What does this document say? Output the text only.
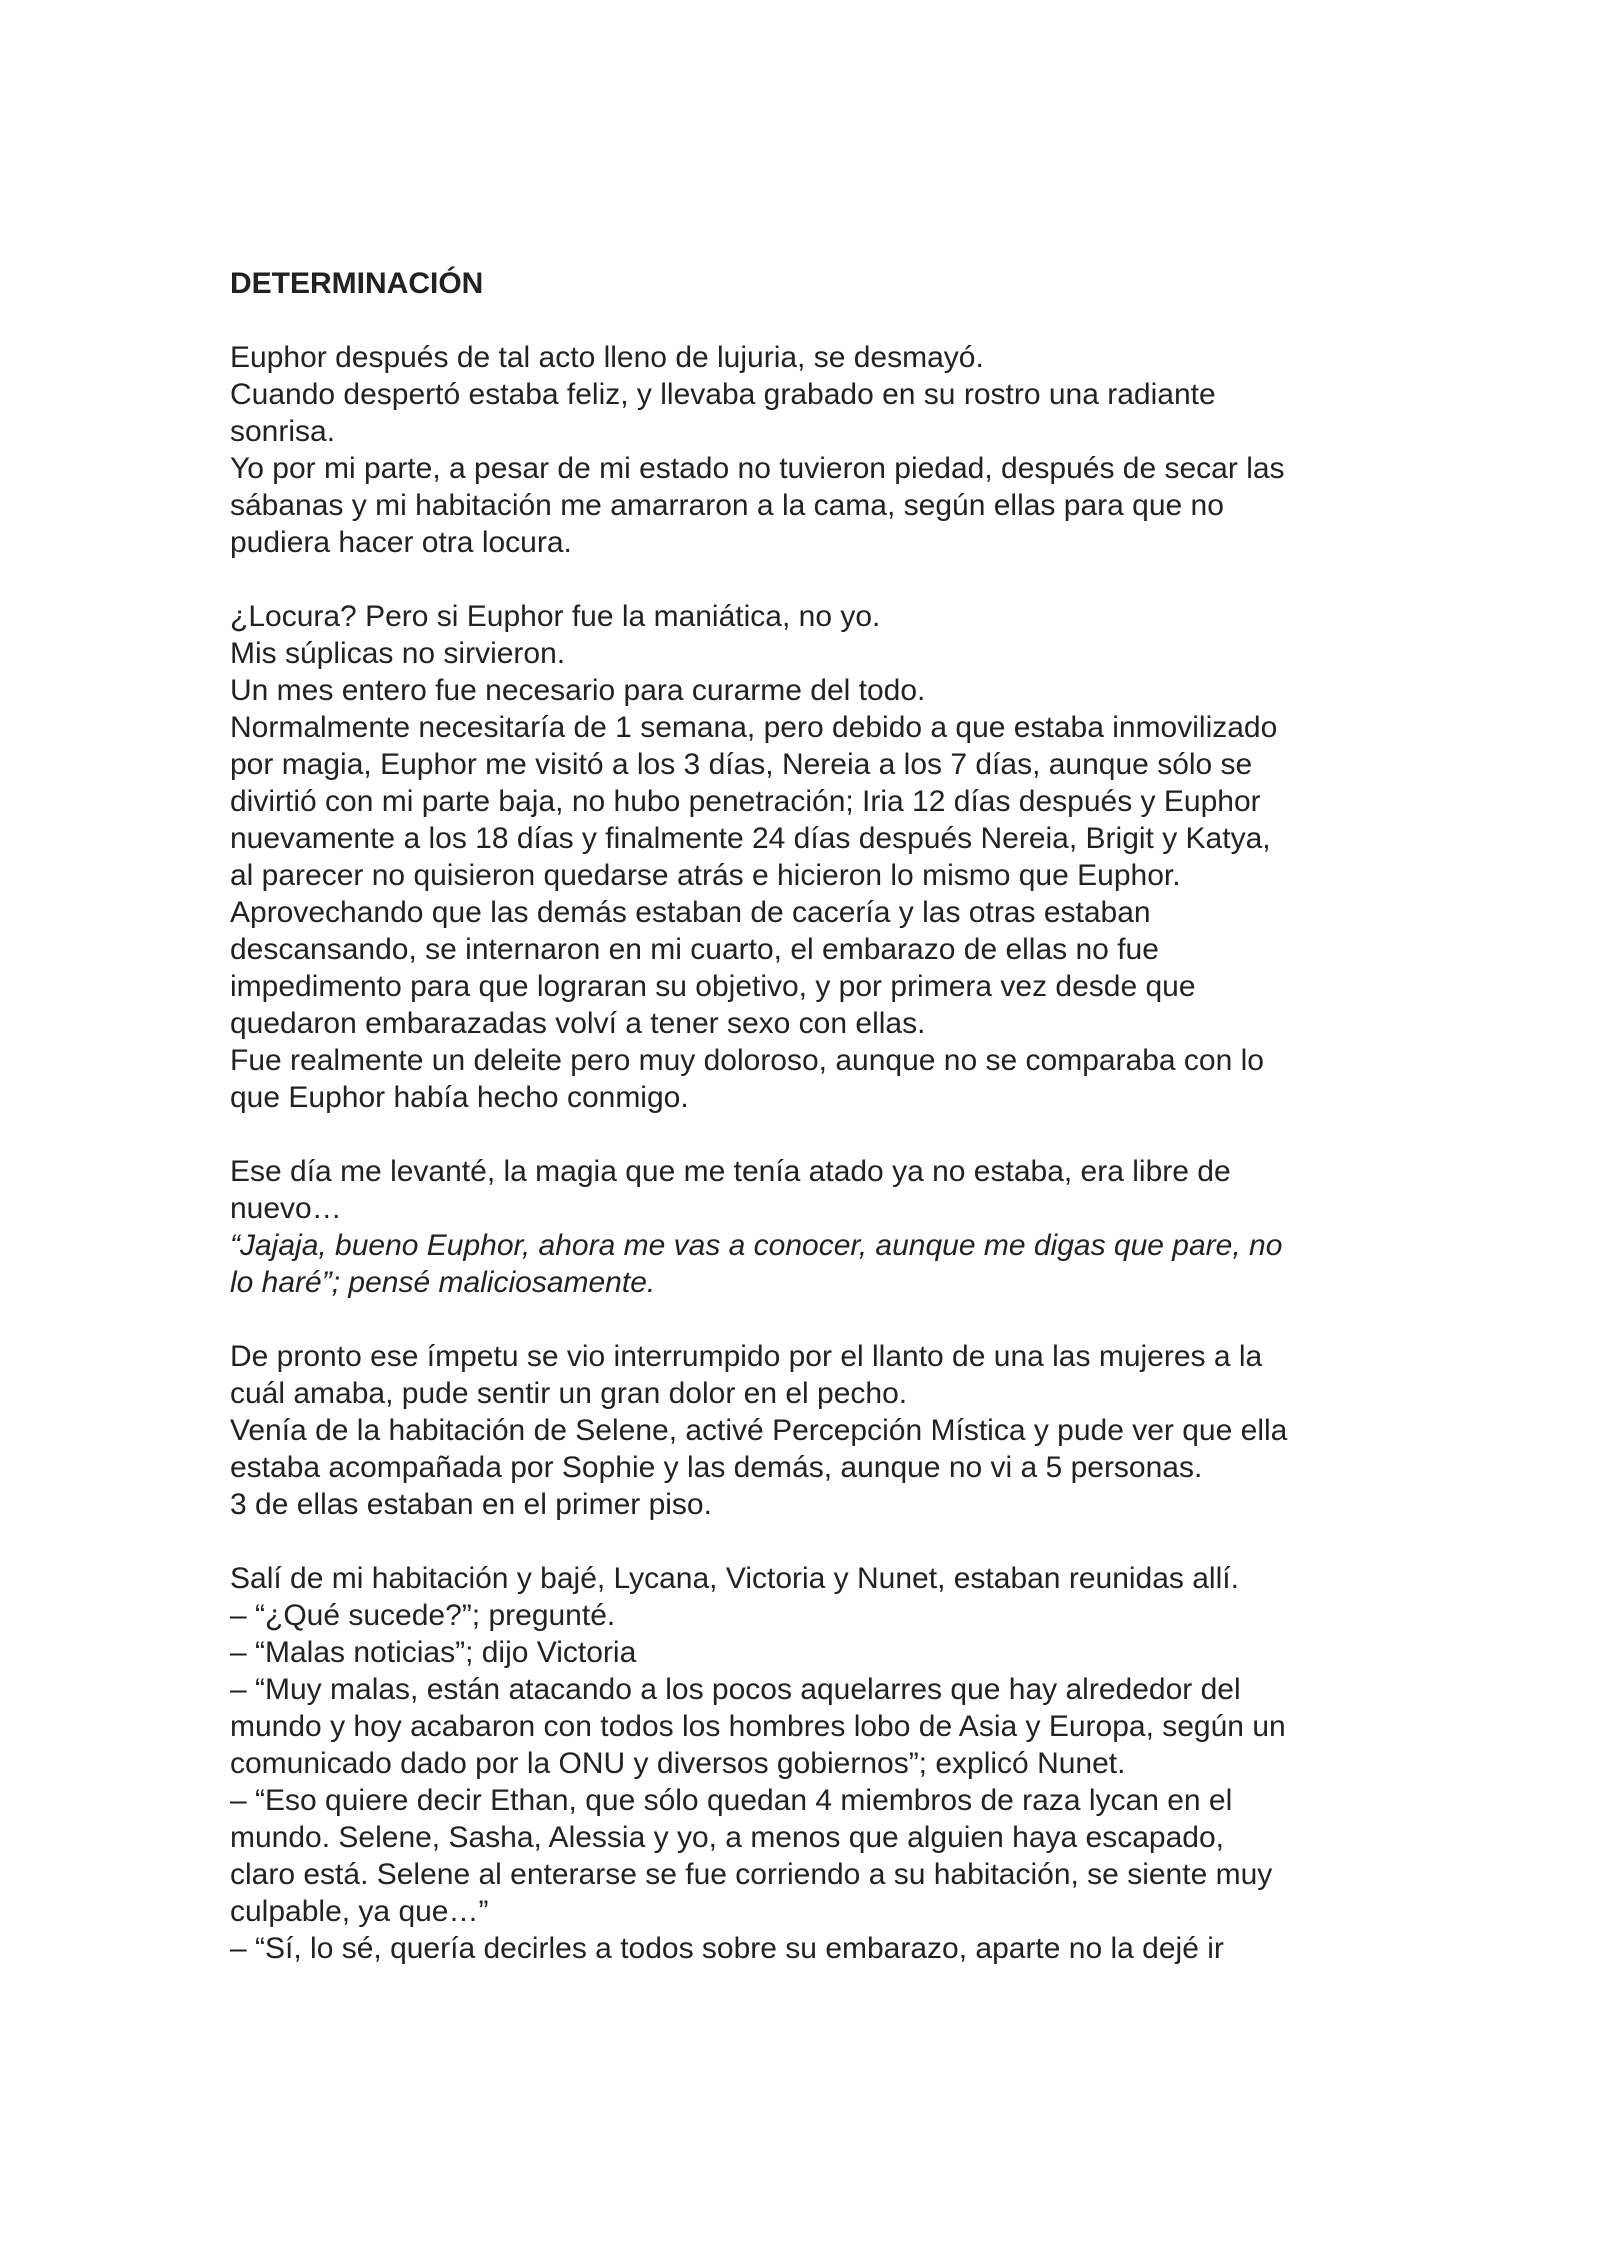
DETERMINACIÓN
Euphor después de tal acto lleno de lujuria, se desmayó.
Cuando despertó estaba feliz, y llevaba grabado en su rostro una radiante
sonrisa.
Yo por mi parte, a pesar de mi estado no tuvieron piedad, después de secar las
sábanas y mi habitación me amarraron a la cama, según ellas para que no
pudiera hacer otra locura.
¿Locura? Pero si Euphor fue la maniática, no yo.
Mis súplicas no sirvieron.
Un mes entero fue necesario para curarme del todo.
Normalmente necesitaría de 1 semana, pero debido a que estaba inmovilizado
por magia, Euphor me visitó a los 3 días, Nereia a los 7 días, aunque sólo se
divirtió con mi parte baja, no hubo penetración; Iria 12 días después y Euphor
nuevamente a los 18 días y finalmente 24 días después Nereia, Brigit y Katya,
al parecer no quisieron quedarse atrás e hicieron lo mismo que Euphor.
Aprovechando que las demás estaban de cacería y las otras estaban
descansando, se internaron en mi cuarto, el embarazo de ellas no fue
impedimento para que lograran su objetivo, y por primera vez desde que
quedaron embarazadas volví a tener sexo con ellas.
Fue realmente un deleite pero muy doloroso, aunque no se comparaba con lo
que Euphor había hecho conmigo.
Ese día me levanté, la magia que me tenía atado ya no estaba, era libre de
nuevo…
“Jajaja, bueno Euphor, ahora me vas a conocer, aunque me digas que pare, no
lo haré”; pensé maliciosamente.
De pronto ese ímpetu se vio interrumpido por el llanto de una las mujeres a la
cuál amaba, pude sentir un gran dolor en el pecho.
Venía de la habitación de Selene, activé Percepción Mística y pude ver que ella
estaba acompañada por Sophie y las demás, aunque no vi a 5 personas.
3 de ellas estaban en el primer piso.
Salí de mi habitación y bajé, Lycana, Victoria y Nunet, estaban reunidas allí.
– “¿Qué sucede?”; pregunté.
– “Malas noticias”; dijo Victoria
– “Muy malas, están atacando a los pocos aquelarres que hay alrededor del
mundo y hoy acabaron con todos los hombres lobo de Asia y Europa, según un
comunicado dado por la ONU y diversos gobiernos”; explicó Nunet.
– “Eso quiere decir Ethan, que sólo quedan 4 miembros de raza lycan en el
mundo. Selene, Sasha, Alessia y yo, a menos que alguien haya escapado,
claro está. Selene al enterarse se fue corriendo a su habitación, se siente muy
culpable, ya que…”
– “Sí, lo sé, quería decirles a todos sobre su embarazo, aparte no la dejé ir
